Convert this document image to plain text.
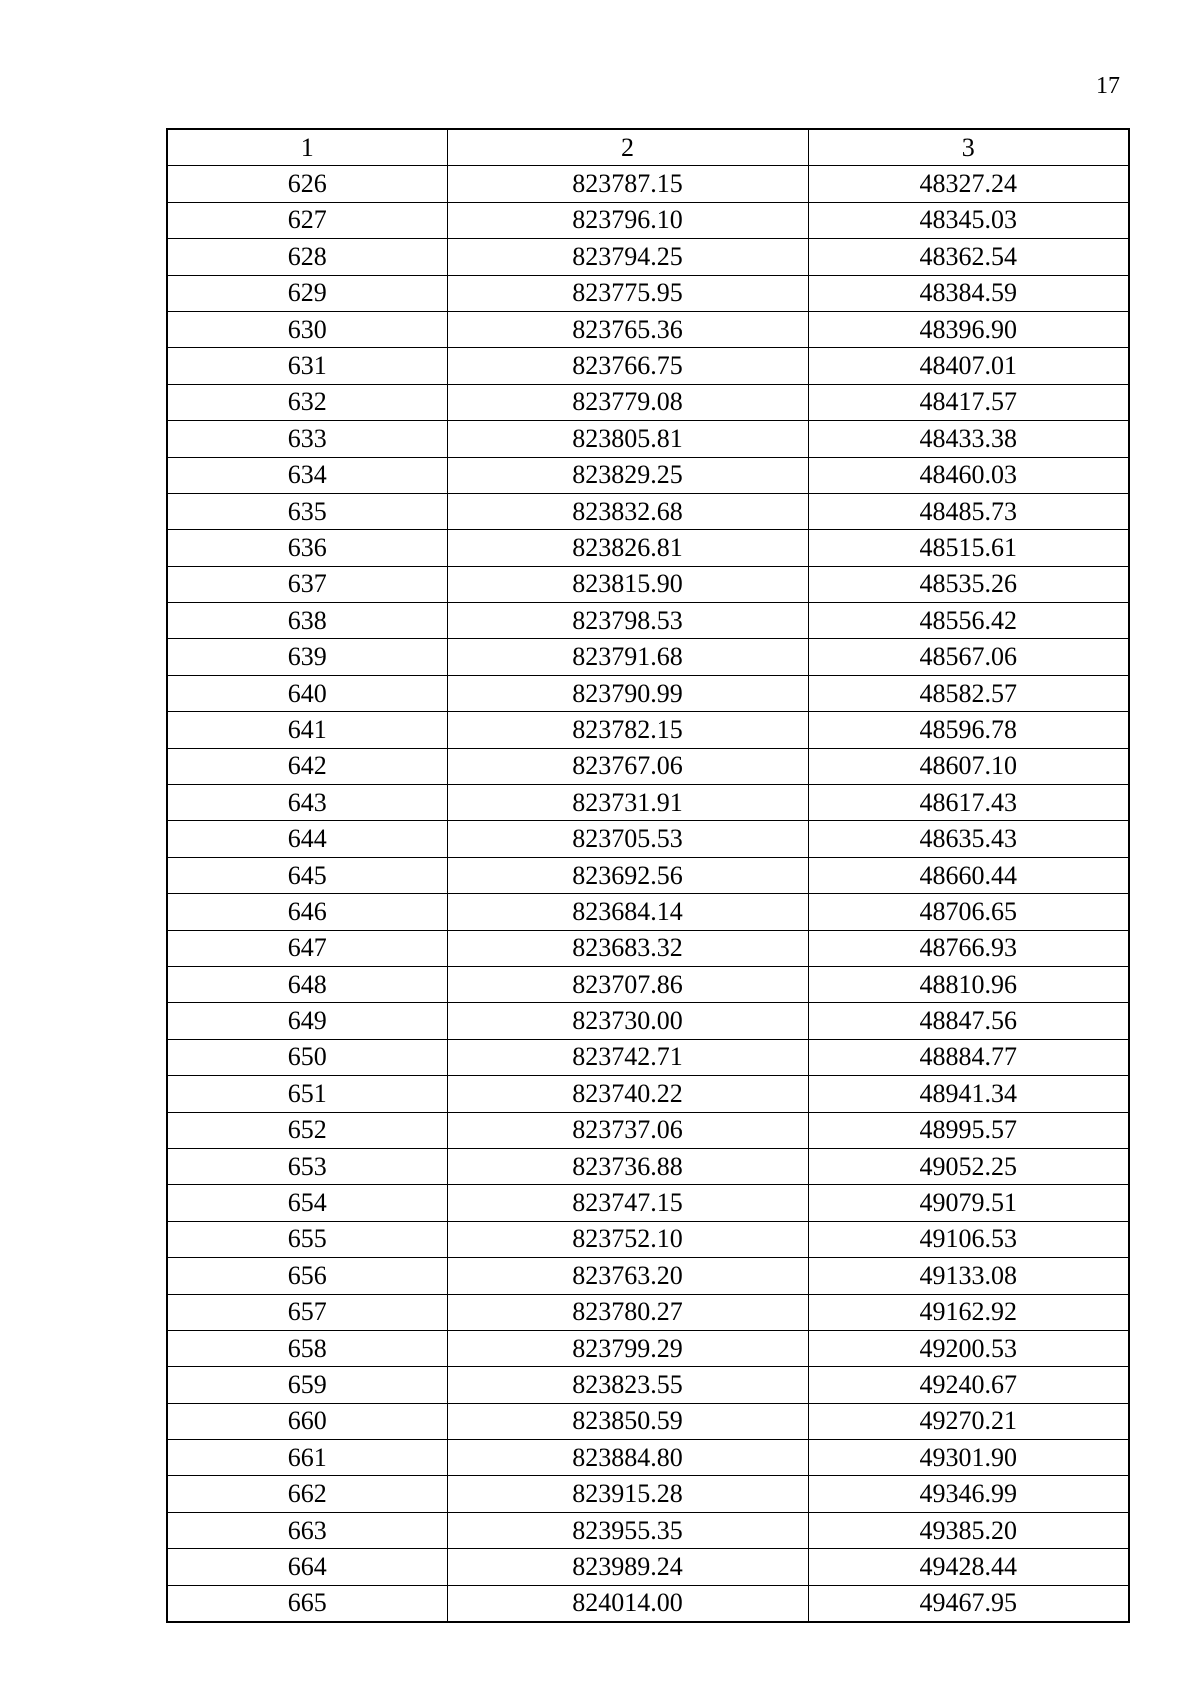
17
1	2	3
626	823787.15	48327.24
627	823796.10	48345.03
628	823794.25	48362.54
629	823775.95	48384.59
630	823765.36	48396.90
631	823766.75	48407.01
632	823779.08	48417.57
633	823805.81	48433.38
634	823829.25	48460.03
635	823832.68	48485.73
636	823826.81	48515.61
637	823815.90	48535.26
638	823798.53	48556.42
639	823791.68	48567.06
640	823790.99	48582.57
641	823782.15	48596.78
642	823767.06	48607.10
643	823731.91	48617.43
644	823705.53	48635.43
645	823692.56	48660.44
646	823684.14	48706.65
647	823683.32	48766.93
648	823707.86	48810.96
649	823730.00	48847.56
650	823742.71	48884.77
651	823740.22	48941.34
652	823737.06	48995.57
653	823736.88	49052.25
654	823747.15	49079.51
655	823752.10	49106.53
656	823763.20	49133.08
657	823780.27	49162.92
658	823799.29	49200.53
659	823823.55	49240.67
660	823850.59	49270.21
661	823884.80	49301.90
662	823915.28	49346.99
663	823955.35	49385.20
664	823989.24	49428.44
665	824014.00	49467.95
